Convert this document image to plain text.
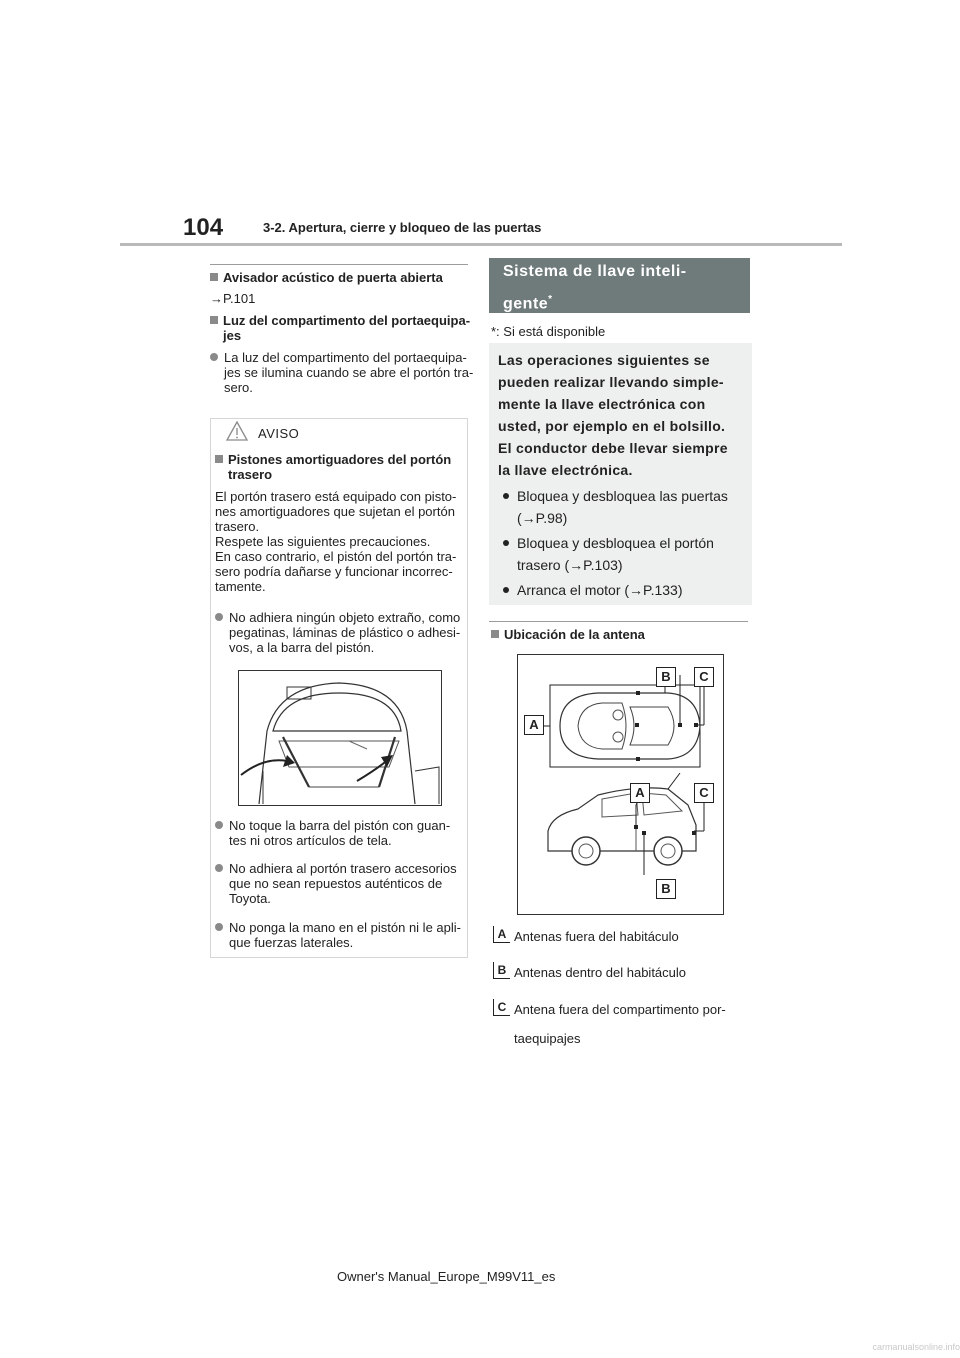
104	3-2. Apertura, cierre y bloqueo de las puertas
Avisador acústico de puerta abierta
→P.101
Luz del compartimento del portaequipa-
jes
La luz del compartimento del portaequipa-
jes se ilumina cuando se abre el portón tra-
sero.
AVISO
Pistones amortiguadores del portón
trasero
El portón trasero está equipado con pisto-
nes amortiguadores que sujetan el portón
trasero.
Respete las siguientes precauciones.
En caso contrario, el pistón del portón tra-
sero podría dañarse y funcionar incorrec-
tamente.
No adhiera ningún objeto extraño, como
pegatinas, láminas de plástico o adhesi-
vos, a la barra del pistón.
No toque la barra del pistón con guan-
tes ni otros artículos de tela.
No adhiera al portón trasero accesorios
que no sean repuestos auténticos de
Toyota.
No ponga la mano en el pistón ni le apli-
que fuerzas laterales.
Sistema de llave inteli-
gente*
*: Si está disponible
Las operaciones siguientes se
pueden realizar llevando simple-
mente la llave electrónica con
usted, por ejemplo en el bolsillo.
El conductor debe llevar siempre
la llave electrónica.
Bloquea y desbloquea las puertas
(→P.98)
Bloquea y desbloquea el portón
trasero (→P.103)
Arranca el motor (→P.133)
Ubicación de la antena
A
B	C
A	C
B
A Antenas fuera del habitáculo
B Antenas dentro del habitáculo
C Antena fuera del compartimento por-
taequipajes
Owner's Manual_Europe_M99V11_es
carmanualsonline.info
